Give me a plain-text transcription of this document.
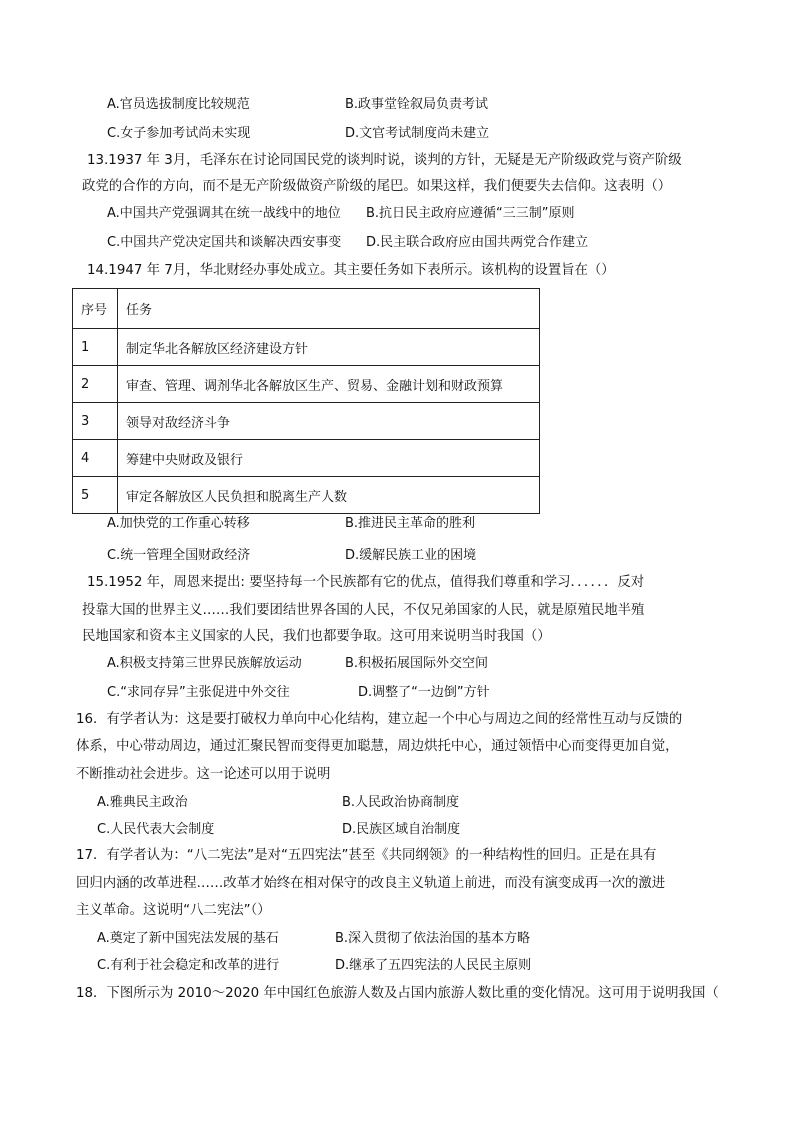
A.官员选拔制度比较规范	B.政事堂铨叙局负责考试
C.女子参加考试尚未实现	D.文官考试制度尚未建立
13.1937 年 3月，毛泽东在讨论同国民党的谈判时说，谈判的方针，无疑是无产阶级政党与资产阶级
政党的合作的方向，而不是无产阶级做资产阶级的尾巴。如果这样，我们便要失去信仰。这表明（）
A.中国共产党强调其在统一战线中的地位 B.抗日民主政府应遵循“三三制”原则
C.中国共产党决定国共和谈解决西安事变 D.民主联合政府应由国共两党合作建立
14.1947 年 7月，华北财经办事处成立。其主要任务如下表所示。该机构的设置旨在（）
序号	任务
1	制定华北各解放区经济建设方针
2	审查、管理、调剂华北各解放区生产、贸易、金融计划和财政预算
3	领导对敌经济斗争
4	筹建中央财政及银行
5	审定各解放区人民负担和脱离生产人数
A.加快党的工作重心转移	B.推进民主革命的胜利
C.统一管理全国财政经济	D.缓解民族工业的困境
15.1952 年，周恩来提出: 要坚持每一个民族都有它的优点，值得我们尊重和学习．．．．．．反对
投靠大国的世界主义……我们要团结世界各国的人民，不仅兄弟国家的人民，就是原殖民地半殖
民地国家和资本主义国家的人民，我们也都要争取。这可用来说明当时我国（）
A.积极支持第三世界民族解放运动	B.积极拓展国际外交空间
C.“求同存异”主张促进中外交往	D.调整了“一边倒”方针
16．有学者认为：这是要打破权力单向中心化结构，建立起一个中心与周边之间的经常性互动与反馈的
体系，中心带动周边，通过汇聚民智而变得更加聪慧，周边烘托中心，通过领悟中心而变得更加自觉，
不断推动社会进步。这一论述可以用于说明
A.雅典民主政治	B.人民政治协商制度
C.人民代表大会制度	D.民族区域自治制度
17．有学者认为：“八二宪法”是对“五四宪法”甚至《共同纲领》的一种结构性的回归。正是在具有
回归内涵的改革进程……改革才始终在相对保守的改良主义轨道上前进，而没有演变成再一次的激进
主义革命。这说明“八二宪法”（）
A.奠定了新中国宪法发展的基石	B.深入贯彻了依法治国的基本方略
C.有利于社会稳定和改革的进行	D.继承了五四宪法的人民民主原则
18．下图所示为 2010～2020 年中国红色旅游人数及占国内旅游人数比重的变化情况。这可用于说明我国（
